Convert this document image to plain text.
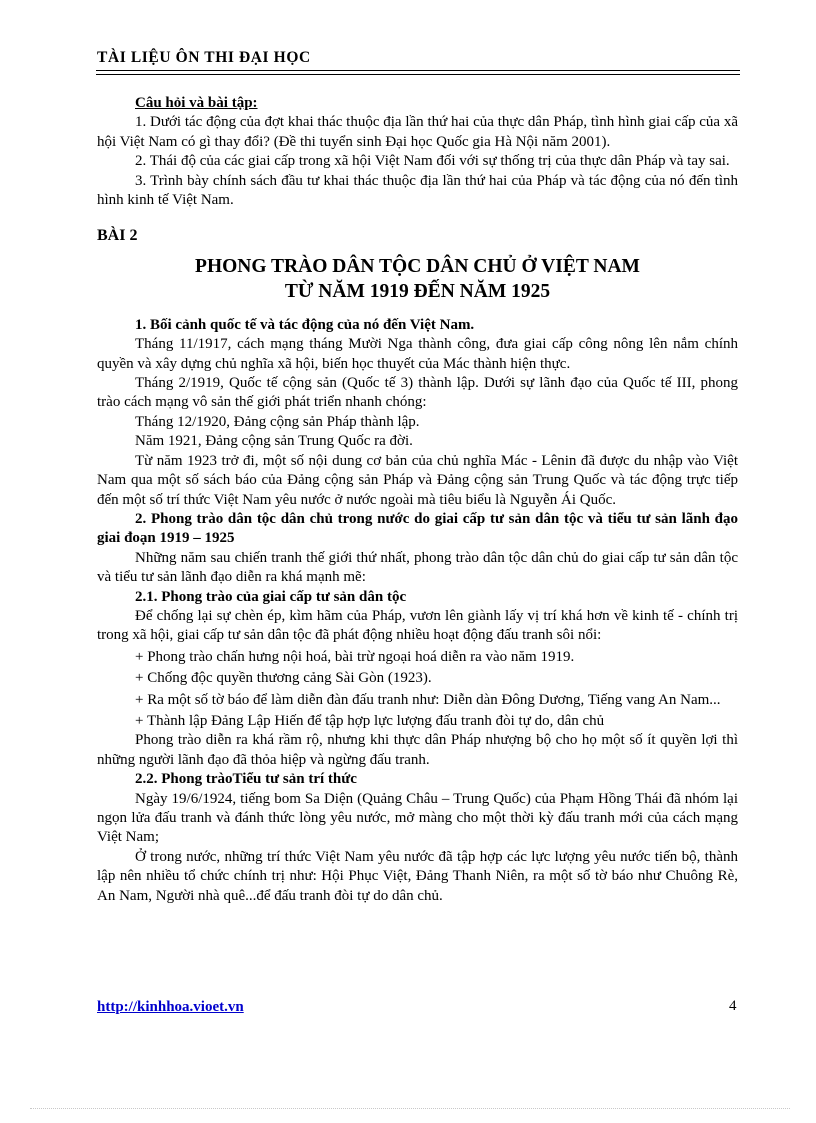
TÀI LIỆU ÔN THI ĐẠI HỌC

Câu hỏi và bài tập:

1. Dưới tác động của đợt khai thác thuộc địa lần thứ hai của thực dân Pháp, tình hình giai cấp của xã hội Việt Nam có gì thay đổi? (Đề thi tuyển sinh Đại học Quốc gia Hà Nội năm 2001).

2. Thái độ của các giai cấp trong xã hội Việt Nam đối với sự thống trị của thực dân Pháp và tay sai.

3. Trình bày chính sách đầu tư khai thác thuộc địa lần thứ hai của Pháp và tác động của nó đến tình hình kinh tế Việt Nam.

BÀI 2

PHONG TRÀO DÂN TỘC DÂN CHỦ Ở VIỆT NAM

TỪ NĂM 1919 ĐẾN NĂM 1925

1. Bối cảnh quốc tế và tác động của nó đến Việt Nam.

Tháng 11/1917, cách mạng tháng Mười Nga thành công, đưa giai cấp công nông lên nắm chính quyền và xây dựng chủ nghĩa xã hội, biến học thuyết của Mác thành hiện thực.

Tháng 2/1919, Quốc tế cộng sản (Quốc tế 3) thành lập. Dưới sự lãnh đạo của Quốc tế III, phong trào cách mạng vô sản thế giới phát triển nhanh chóng:

Tháng 12/1920, Đảng cộng sản Pháp thành lập.

Năm 1921, Đảng cộng sản Trung Quốc ra đời.

Từ năm 1923 trở đi, một số nội dung cơ bản của chủ nghĩa Mác - Lênin đã được du nhập vào Việt Nam qua một số sách báo của Đảng cộng sản Pháp và Đảng cộng sản Trung Quốc và tác động trực tiếp đến một số trí thức Việt Nam yêu nước ở nước ngoài mà tiêu biểu là Nguyễn Ái Quốc.

2. Phong trào dân tộc dân chủ trong nước do giai cấp tư sản dân tộc và tiểu tư sản lãnh đạo giai đoạn 1919 – 1925

Những năm sau chiến tranh thế giới thứ nhất, phong trào dân tộc dân chủ do giai cấp tư sản dân tộc và tiểu tư sản lãnh đạo diễn ra khá mạnh mẽ:

2.1. Phong trào của giai cấp tư sản dân tộc

Để chống lại sự chèn ép, kìm hãm của Pháp, vươn lên giành lấy vị trí khá hơn về kinh tế - chính trị trong xã hội, giai cấp tư sản dân tộc đã phát động nhiều hoạt động đấu tranh sôi nổi:

+ Phong trào chấn hưng nội hoá, bài trừ ngoại hoá diễn ra vào năm 1919.

+ Chống độc quyền thương cảng Sài Gòn (1923).

+ Ra một số tờ báo để làm diễn đàn đấu tranh như: Diễn dàn Đông Dương, Tiếng vang An Nam...

+ Thành lập Đảng Lập Hiến để tập hợp lực lượng đấu tranh đòi tự do, dân chủ

Phong trào diễn ra khá rầm rộ, nhưng khi thực dân Pháp nhượng bộ cho họ một số ít quyền lợi thì những người lãnh đạo đã thỏa hiệp và ngừng đấu tranh.

2.2. Phong tràoTiểu tư sản trí thức

Ngày 19/6/1924, tiếng bom Sa Diện (Quảng Châu – Trung Quốc) của Phạm Hồng Thái đã nhóm lại ngọn lửa đấu tranh và đánh thức lòng yêu nước, mở màng cho một thời kỳ đấu tranh mới của cách mạng Việt Nam;

Ở trong nước, những trí thức Việt Nam yêu nước đã tập hợp các lực lượng yêu nước tiến bộ, thành lập nên nhiều tổ chức chính trị như: Hội Phục Việt, Đảng Thanh Niên, ra một số tờ báo như Chuông Rè, An Nam, Người nhà quê...để đấu tranh đòi tự do dân chủ.

http://kinhhoa.vioet.vn	4
